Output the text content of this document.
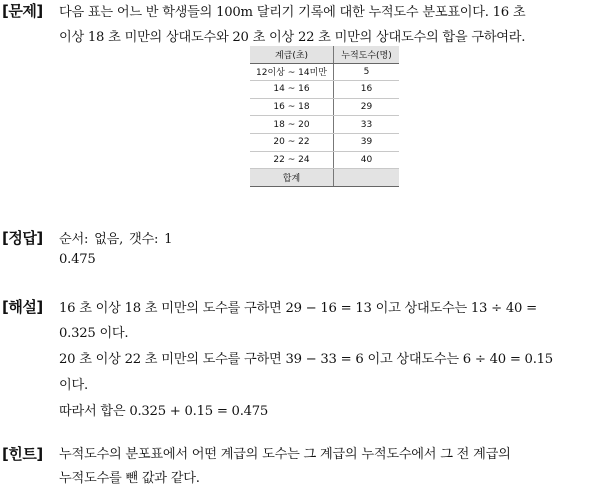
[문제] 다음 표는 어느 반 학생들의 100m 달리기 기록에 대한 누적도수 분포표이다. 16 초
이상 18 초 미만의 상대도수와 20 초 이상 22 초 미만의 상대도수의 합을 구하여라.
계급(초)	누적도수(명)
12이상 ~ 14미만	5
14 ~ 16	16
16 ~ 18	29
18 ~ 20	33
20 ~ 22	39
22 ~ 24	40
합계	
[정답] 순서: 없음, 갯수: 1
0.475
[해설] 16 초 이상 18 초 미만의 도수를 구하면 29 − 16 = 13 이고 상대도수는 13 ÷ 40 =
0.325 이다.
20 초 이상 22 초 미만의 도수를 구하면 39 − 33 = 6 이고 상대도수는 6 ÷ 40 = 0.15
이다.
따라서 합은 0.325 + 0.15 = 0.475
[힌트] 누적도수의 분포표에서 어떤 계급의 도수는 그 계급의 누적도수에서 그 전 계급의
누적도수를 뺀 값과 같다.
